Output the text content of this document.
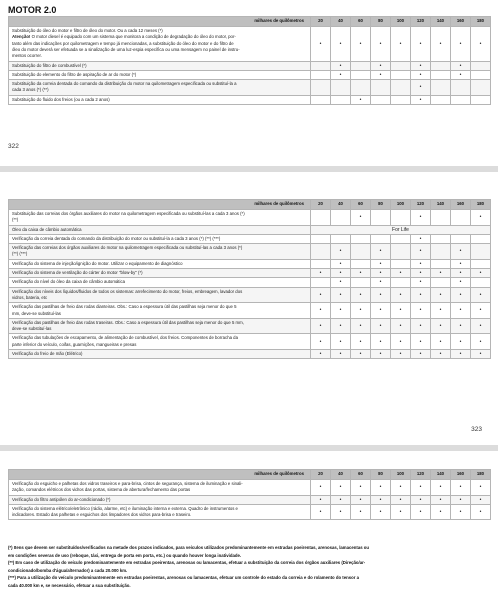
MOTOR 2.0
milhares de quilômetros	20	40	60	80	100	120	140	160	180

Substituição do óleo do motor e filtro de óleo do motor. Ou a cada 12 meses (*)
Atenção! O motor diesel é equipado com um sistema que monitora a condição de degradação do óleo do motor, por-
tanto além das indicações por quilometragem e tempo já mencionadas, a substituição do óleo do motor e do filtro de
óleo do motor deverá ser efetuada se a sinalização de uma luz-espia específica ou uma mensagem no painel de instru-
mentos ocorrer.	•	•	•	•	•	•	•	•	•

Substituição do filtro de combustível (*)		•		•		•		•	

Substituição do elemento do filtro de aspiração de ar do motor (*)		•		•		•		•	

Substituição da correia dentada do comando da distribuição do motor na quilometragem especificada ou substituí-la a
cada 3 anos (*) (**)						•			

Substituição do fluido dos freios (ou a cada 2 anos)			•			•			
322
milhares de quilômetros	20	40	60	80	100	120	140	160	180

Substituição das correias dos órgãos auxiliares do motor na quilometragem especificada ou substituí-las a cada 3 anos (*)
(**)			•			•			•

Óleo da caixa de câmbio automática	For Life								

Verificação da correia dentada do comando da distribuição do motor ou substituí-la a cada 3 anos (*) (**) (***)						•			

Verificação das correias dos órgãos auxiliares do motor na quilometragem especificada ou substituí-las a cada 3 anos (*)
(**) (***)		•		•		•		•	

Verificação do sistema de injeção/ignição do motor. Utilizar o equipamento de diagnóstico		•		•		•		•	

Verificação do sistema de ventilação do cárter do motor "blow-by" (*)	•	•	•	•	•	•	•	•	•

Verificação do nível do óleo da caixa de câmbio automática		•		•		•		•	

Verificação dos níveis dos líquidos/fluidos de todos os sistemas: arrefecimento do motor, freios, embreagem, lavador dos
vidros, bateria, etc	•	•	•	•	•	•	•	•	•

Verificação das pastilhas de freio das rodas dianteiras. Obs.: Caso a espessura útil das pastilhas seja menor do que 5
mm, deve-se substituí-las	•	•	•	•	•	•	•	•	•

Verificação das pastilhas de freio das rodas traseiras. Obs.: Caso a espessura útil das pastilhas seja menor do que 5 mm,
deve-se substituí-las	•	•	•	•	•	•	•	•	•

Verificação das tubulações de escapamento, de alimentação de combustível, dos freios. Componentes de borracha da
parte inferior do veículo, coifas, guarnições, mangueiras e presas	•	•	•	•	•	•	•	•	•

Verificação do freio de mão (Elétrico)	•	•	•	•	•	•	•	•	•
323
milhares de quilômetros	20	40	60	80	100	120	140	160	180

Verificação do esguicho e palhetas dos vidros traseiros e para-brisa, cintos de segurança, sistema de iluminação e sinali-
zação, comandos elétricos dos vidros das portas, sistema de abertura/fechamento das portas	•	•	•	•	•	•	•	•	•

Verificação do filtro antipólen do ar-condicionado (*)	•	•	•	•	•	•	•	•	•

Verificação do sistema elétrico/eletrônico (rádio, alarme, etc) e iluminação interna e externa. Quadro de instrumentos e
indicadores. Estado das palhetas e esguichos dos limpadores dos vidros para-brisa e traseiro.	•	•	•	•	•	•	•	•	•

(*) Itens que devem ser substituídos/verificados na metade dos prazos indicados, para veículos utilizados predominantemente em estradas poeirentas, arenosas, lamacentas ou

em condições severas de uso (reboque, táxi, entrega de porta em porta, etc.) ou quando houver longa inatividade.

(**) Em caso de utilização do veículo predominantemente em estradas poeirentas, arenosas ou lamacentas, efetuar a substituição da correia dos órgãos auxiliares (Direção/ar-

condicionado/bomba d'água/alternador) a cada 20.000 km.

(***) Para a utilização do veículo predominantemente em estradas poeirentas, arenosas ou lamacentas, efetuar um controle do estado da correia e do rolamento do tensor a

cada 40.000 km e, se necessário, efetuar a sua substituição.
